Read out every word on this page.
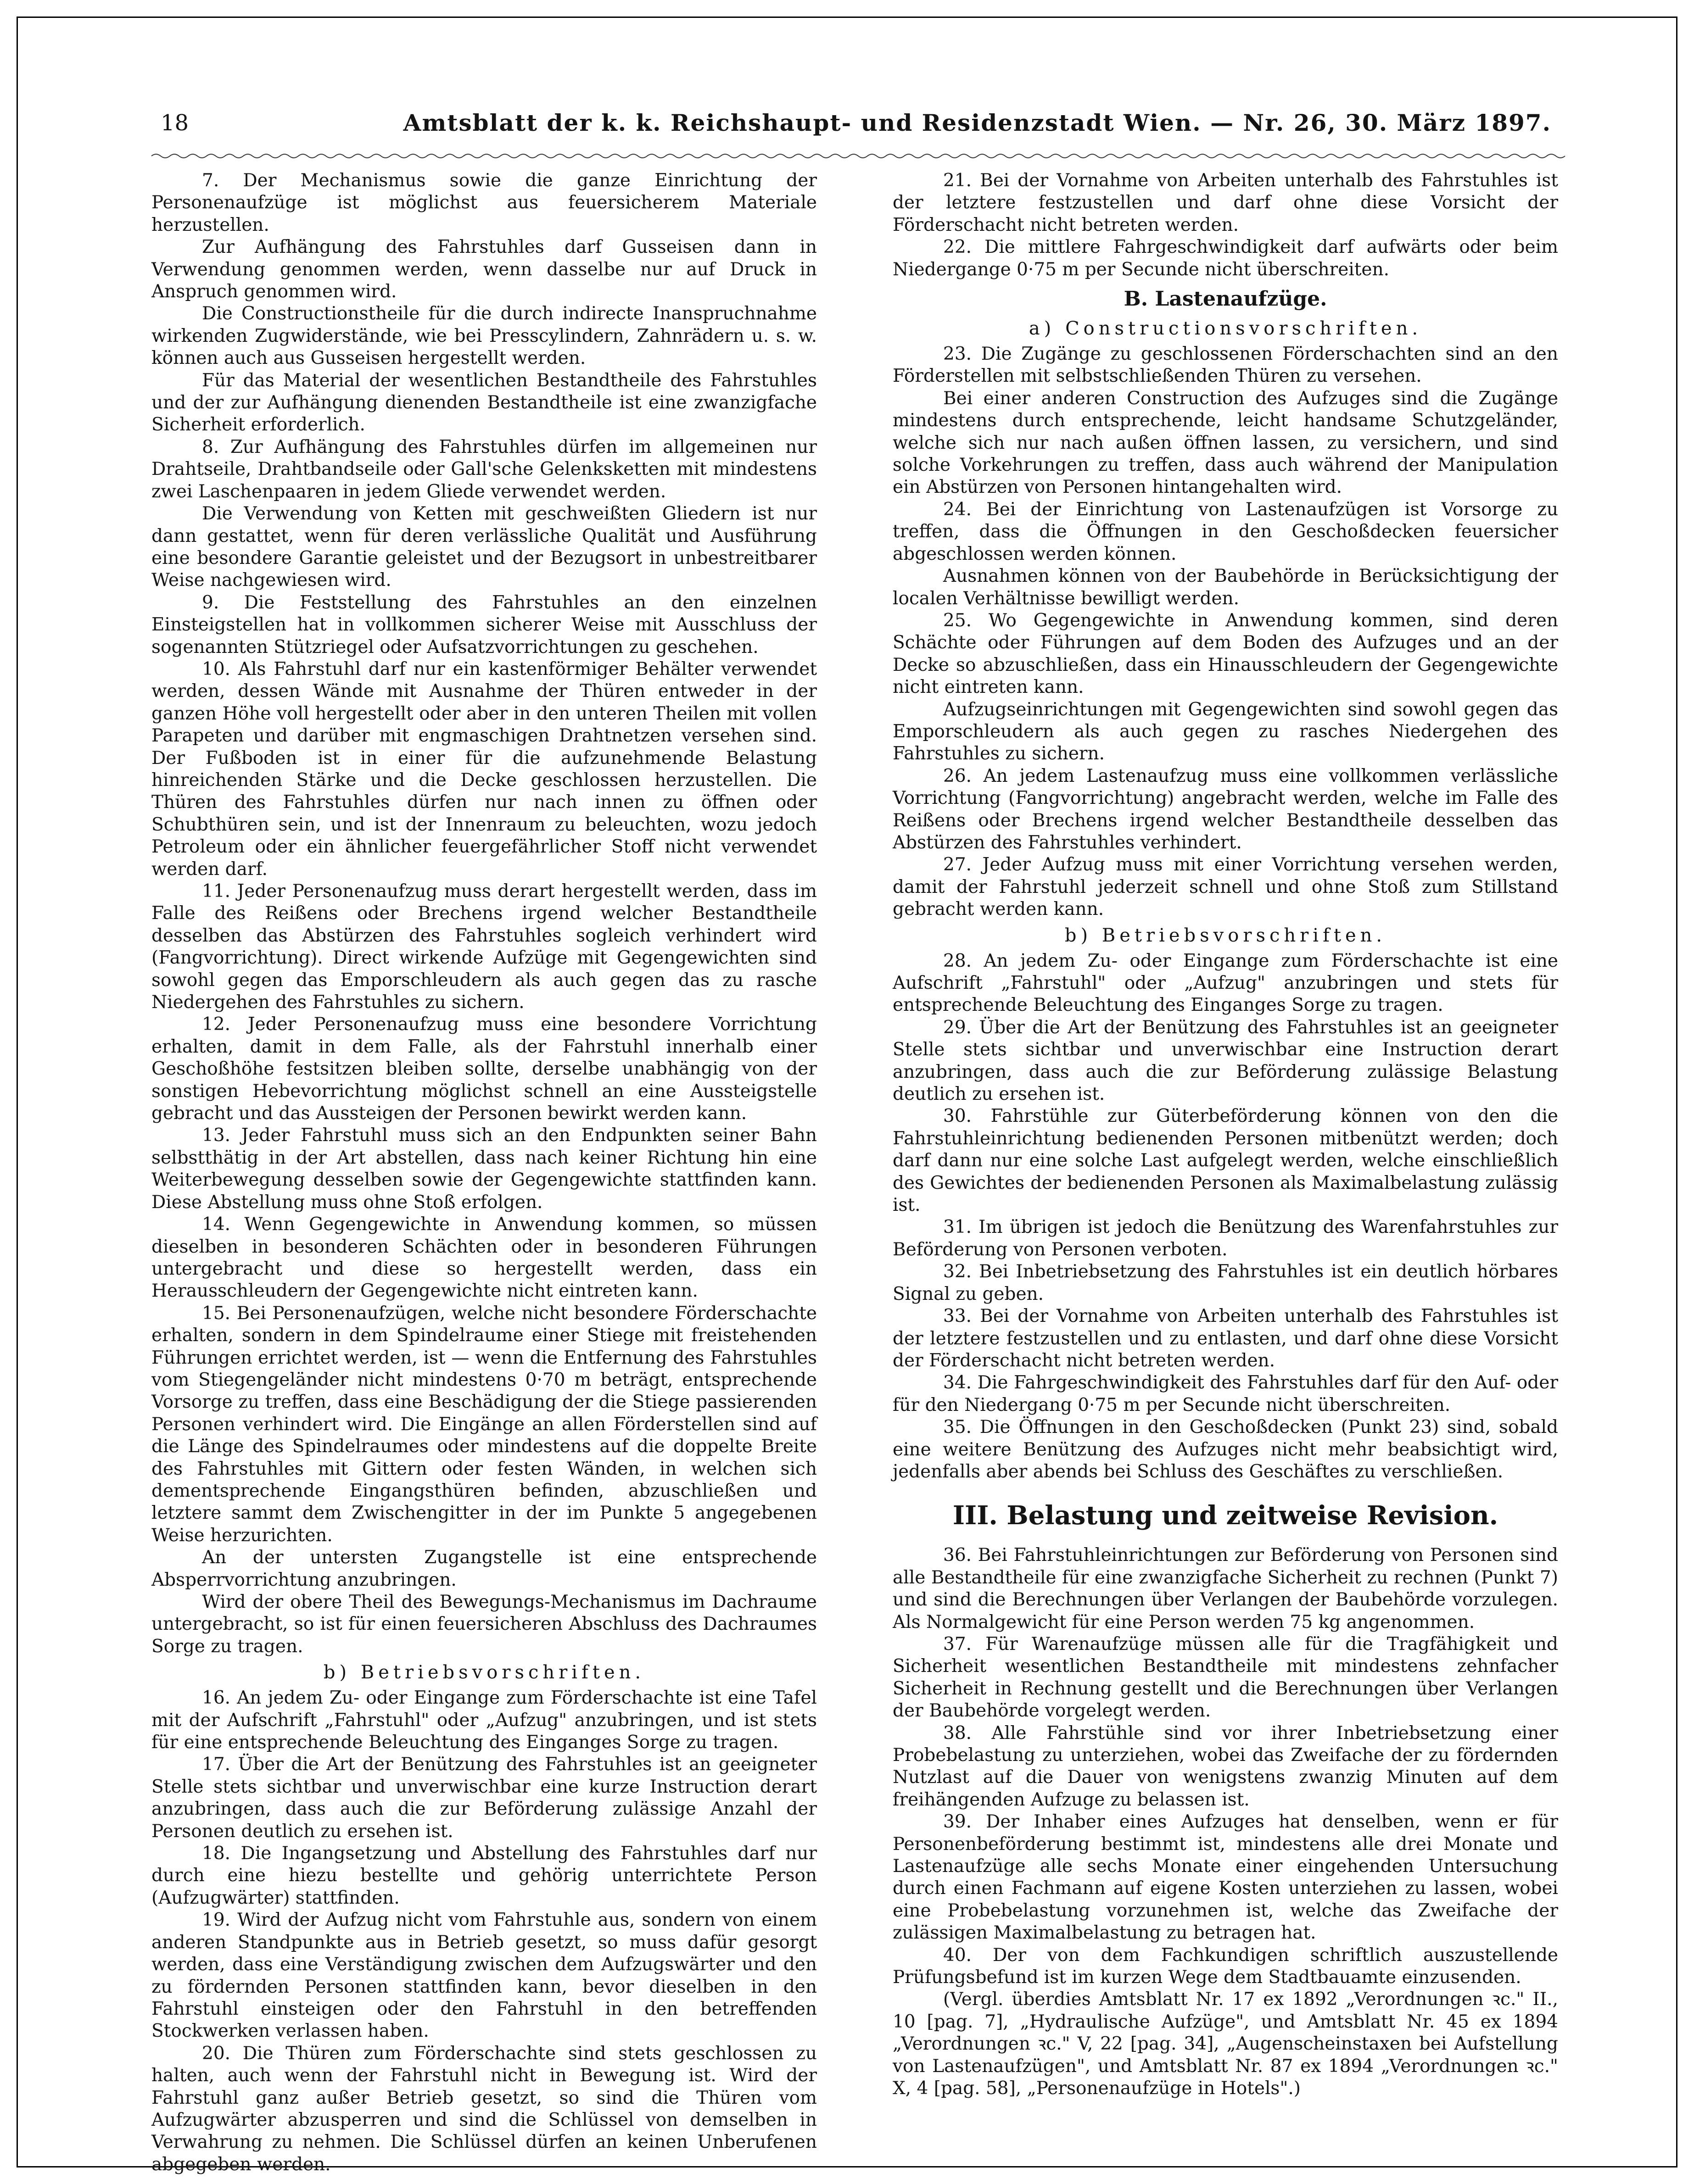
18	Amtsblatt der k. k. Reichshaupt- und Residenzstadt Wien. — Nr. 26, 30. März 1897.

7. Der Mechanismus sowie die ganze Einrichtung der Personenaufzüge ist möglichst aus feuersicherem Materiale herzustellen.

Zur Aufhängung des Fahrstuhles darf Gusseisen dann in Verwendung genommen werden, wenn dasselbe nur auf Druck in Anspruch genommen wird.

Die Constructionstheile für die durch indirecte Inanspruchnahme wirkenden Zugwiderstände, wie bei Presscylindern, Zahnrädern u. s. w. können auch aus Gusseisen hergestellt werden.

Für das Material der wesentlichen Bestandtheile des Fahrstuhles und der zur Aufhängung dienenden Bestandtheile ist eine zwanzigfache Sicherheit erforderlich.

8. Zur Aufhängung des Fahrstuhles dürfen im allgemeinen nur Drahtseile, Drahtbandseile oder Gall'sche Gelenksketten mit mindestens zwei Laschenpaaren in jedem Gliede verwendet werden.

Die Verwendung von Ketten mit geschweißten Gliedern ist nur dann gestattet, wenn für deren verlässliche Qualität und Ausführung eine besondere Garantie geleistet und der Bezugsort in unbestreitbarer Weise nachgewiesen wird.

9. Die Feststellung des Fahrstuhles an den einzelnen Einsteigstellen hat in vollkommen sicherer Weise mit Ausschluss der sogenannten Stützriegel oder Aufsatzvorrichtungen zu geschehen.

10. Als Fahrstuhl darf nur ein kastenförmiger Behälter verwendet werden, dessen Wände mit Ausnahme der Thüren entweder in der ganzen Höhe voll hergestellt oder aber in den unteren Theilen mit vollen Parapeten und darüber mit engmaschigen Drahtnetzen versehen sind. Der Fußboden ist in einer für die aufzunehmende Belastung hinreichenden Stärke und die Decke geschlossen herzustellen. Die Thüren des Fahrstuhles dürfen nur nach innen zu öffnen oder Schubthüren sein, und ist der Innenraum zu beleuchten, wozu jedoch Petroleum oder ein ähnlicher feuergefährlicher Stoff nicht verwendet werden darf.

11. Jeder Personenaufzug muss derart hergestellt werden, dass im Falle des Reißens oder Brechens irgend welcher Bestandtheile desselben das Abstürzen des Fahrstuhles sogleich verhindert wird (Fangvorrichtung). Direct wirkende Aufzüge mit Gegengewichten sind sowohl gegen das Emporschleudern als auch gegen das zu rasche Niedergehen des Fahrstuhles zu sichern.

12. Jeder Personenaufzug muss eine besondere Vorrichtung erhalten, damit in dem Falle, als der Fahrstuhl innerhalb einer Geschoßhöhe festsitzen bleiben sollte, derselbe unabhängig von der sonstigen Hebevorrichtung möglichst schnell an eine Aussteigstelle gebracht und das Aussteigen der Personen bewirkt werden kann.

13. Jeder Fahrstuhl muss sich an den Endpunkten seiner Bahn selbstthätig in der Art abstellen, dass nach keiner Richtung hin eine Weiterbewegung desselben sowie der Gegengewichte stattfinden kann. Diese Abstellung muss ohne Stoß erfolgen.

14. Wenn Gegengewichte in Anwendung kommen, so müssen dieselben in besonderen Schächten oder in besonderen Führungen untergebracht und diese so hergestellt werden, dass ein Herausschleudern der Gegengewichte nicht eintreten kann.

15. Bei Personenaufzügen, welche nicht besondere Förderschachte erhalten, sondern in dem Spindelraume einer Stiege mit freistehenden Führungen errichtet werden, ist — wenn die Entfernung des Fahrstuhles vom Stiegengeländer nicht mindestens 0·70 m beträgt, entsprechende Vorsorge zu treffen, dass eine Beschädigung der die Stiege passierenden Personen verhindert wird. Die Eingänge an allen Förderstellen sind auf die Länge des Spindelraumes oder mindestens auf die doppelte Breite des Fahrstuhles mit Gittern oder festen Wänden, in welchen sich dementsprechende Eingangsthüren befinden, abzuschließen und letztere sammt dem Zwischengitter in der im Punkte 5 angegebenen Weise herzurichten.

An der untersten Zugangstelle ist eine entsprechende Absperrvorrichtung anzubringen.

Wird der obere Theil des Bewegungs-Mechanismus im Dachraume untergebracht, so ist für einen feuersicheren Abschluss des Dachraumes Sorge zu tragen.

b) Betriebsvorschriften.

16. An jedem Zu- oder Eingange zum Förderschachte ist eine Tafel mit der Aufschrift „Fahrstuhl" oder „Aufzug" anzubringen, und ist stets für eine entsprechende Beleuchtung des Einganges Sorge zu tragen.

17. Über die Art der Benützung des Fahrstuhles ist an geeigneter Stelle stets sichtbar und unverwischbar eine kurze Instruction derart anzubringen, dass auch die zur Beförderung zulässige Anzahl der Personen deutlich zu ersehen ist.

18. Die Ingangsetzung und Abstellung des Fahrstuhles darf nur durch eine hiezu bestellte und gehörig unterrichtete Person (Aufzugwärter) stattfinden.

19. Wird der Aufzug nicht vom Fahrstuhle aus, sondern von einem anderen Standpunkte aus in Betrieb gesetzt, so muss dafür gesorgt werden, dass eine Verständigung zwischen dem Aufzugswärter und den zu fördernden Personen stattfinden kann, bevor dieselben in den Fahrstuhl einsteigen oder den Fahrstuhl in den betreffenden Stockwerken verlassen haben.

20. Die Thüren zum Förderschachte sind stets geschlossen zu halten, auch wenn der Fahrstuhl nicht in Bewegung ist. Wird der Fahrstuhl ganz außer Betrieb gesetzt, so sind die Thüren vom Aufzugwärter abzusperren und sind die Schlüssel von demselben in Verwahrung zu nehmen. Die Schlüssel dürfen an keinen Unberufenen abgegeben werden.

21. Bei der Vornahme von Arbeiten unterhalb des Fahrstuhles ist der letztere festzustellen und darf ohne diese Vorsicht der Förderschacht nicht betreten werden.

22. Die mittlere Fahrgeschwindigkeit darf aufwärts oder beim Niedergange 0·75 m per Secunde nicht überschreiten.

B. Lastenaufzüge.

a) Constructionsvorschriften.

23. Die Zugänge zu geschlossenen Förderschachten sind an den Förderstellen mit selbstschließenden Thüren zu versehen.

Bei einer anderen Construction des Aufzuges sind die Zugänge mindestens durch entsprechende, leicht handsame Schutzgeländer, welche sich nur nach außen öffnen lassen, zu versichern, und sind solche Vorkehrungen zu treffen, dass auch während der Manipulation ein Abstürzen von Personen hintangehalten wird.

24. Bei der Einrichtung von Lastenaufzügen ist Vorsorge zu treffen, dass die Öffnungen in den Geschoßdecken feuersicher abgeschlossen werden können.

Ausnahmen können von der Baubehörde in Berücksichtigung der localen Verhältnisse bewilligt werden.

25. Wo Gegengewichte in Anwendung kommen, sind deren Schächte oder Führungen auf dem Boden des Aufzuges und an der Decke so abzuschließen, dass ein Hinausschleudern der Gegengewichte nicht eintreten kann.

Aufzugseinrichtungen mit Gegengewichten sind sowohl gegen das Emporschleudern als auch gegen zu rasches Niedergehen des Fahrstuhles zu sichern.

26. An jedem Lastenaufzug muss eine vollkommen verlässliche Vorrichtung (Fangvorrichtung) angebracht werden, welche im Falle des Reißens oder Brechens irgend welcher Bestandtheile desselben das Abstürzen des Fahrstuhles verhindert.

27. Jeder Aufzug muss mit einer Vorrichtung versehen werden, damit der Fahrstuhl jederzeit schnell und ohne Stoß zum Stillstand gebracht werden kann.

b) Betriebsvorschriften.

28. An jedem Zu- oder Eingange zum Förderschachte ist eine Aufschrift „Fahrstuhl" oder „Aufzug" anzubringen und stets für entsprechende Beleuchtung des Einganges Sorge zu tragen.

29. Über die Art der Benützung des Fahrstuhles ist an geeigneter Stelle stets sichtbar und unverwischbar eine Instruction derart anzubringen, dass auch die zur Beförderung zulässige Belastung deutlich zu ersehen ist.

30. Fahrstühle zur Güterbeförderung können von den die Fahrstuhleinrichtung bedienenden Personen mitbenützt werden; doch darf dann nur eine solche Last aufgelegt werden, welche einschließlich des Gewichtes der bedienenden Personen als Maximalbelastung zulässig ist.

31. Im übrigen ist jedoch die Benützung des Warenfahrstuhles zur Beförderung von Personen verboten.

32. Bei Inbetriebsetzung des Fahrstuhles ist ein deutlich hörbares Signal zu geben.

33. Bei der Vornahme von Arbeiten unterhalb des Fahrstuhles ist der letztere festzustellen und zu entlasten, und darf ohne diese Vorsicht der Förderschacht nicht betreten werden.

34. Die Fahrgeschwindigkeit des Fahrstuhles darf für den Auf- oder für den Niedergang 0·75 m per Secunde nicht überschreiten.

35. Die Öffnungen in den Geschoßdecken (Punkt 23) sind, sobald eine weitere Benützung des Aufzuges nicht mehr beabsichtigt wird, jedenfalls aber abends bei Schluss des Geschäftes zu verschließen.

III. Belastung und zeitweise Revision.

36. Bei Fahrstuhleinrichtungen zur Beförderung von Personen sind alle Bestandtheile für eine zwanzigfache Sicherheit zu rechnen (Punkt 7) und sind die Berechnungen über Verlangen der Baubehörde vorzulegen. Als Normalgewicht für eine Person werden 75 kg angenommen.

37. Für Warenaufzüge müssen alle für die Tragfähigkeit und Sicherheit wesentlichen Bestandtheile mit mindestens zehnfacher Sicherheit in Rechnung gestellt und die Berechnungen über Verlangen der Baubehörde vorgelegt werden.

38. Alle Fahrstühle sind vor ihrer Inbetriebsetzung einer Probebelastung zu unterziehen, wobei das Zweifache der zu fördernden Nutzlast auf die Dauer von wenigstens zwanzig Minuten auf dem freihängenden Aufzuge zu belassen ist.

39. Der Inhaber eines Aufzuges hat denselben, wenn er für Personenbeförderung bestimmt ist, mindestens alle drei Monate und Lastenaufzüge alle sechs Monate einer eingehenden Untersuchung durch einen Fachmann auf eigene Kosten unterziehen zu lassen, wobei eine Probebelastung vorzunehmen ist, welche das Zweifache der zulässigen Maximalbelastung zu betragen hat.

40. Der von dem Fachkundigen schriftlich auszustellende Prüfungsbefund ist im kurzen Wege dem Stadtbauamte einzusenden.

(Vergl. überdies Amtsblatt Nr. 17 ex 1892 „Verordnungen ꝛc." II., 10 [pag. 7], „Hydraulische Aufzüge", und Amtsblatt Nr. 45 ex 1894 „Verordnungen ꝛc." V, 22 [pag. 34], „Augenscheinstaxen bei Aufstellung von Lastenaufzügen", und Amtsblatt Nr. 87 ex 1894 „Verordnungen ꝛc." X, 4 [pag. 58], „Personenaufzüge in Hotels".)
